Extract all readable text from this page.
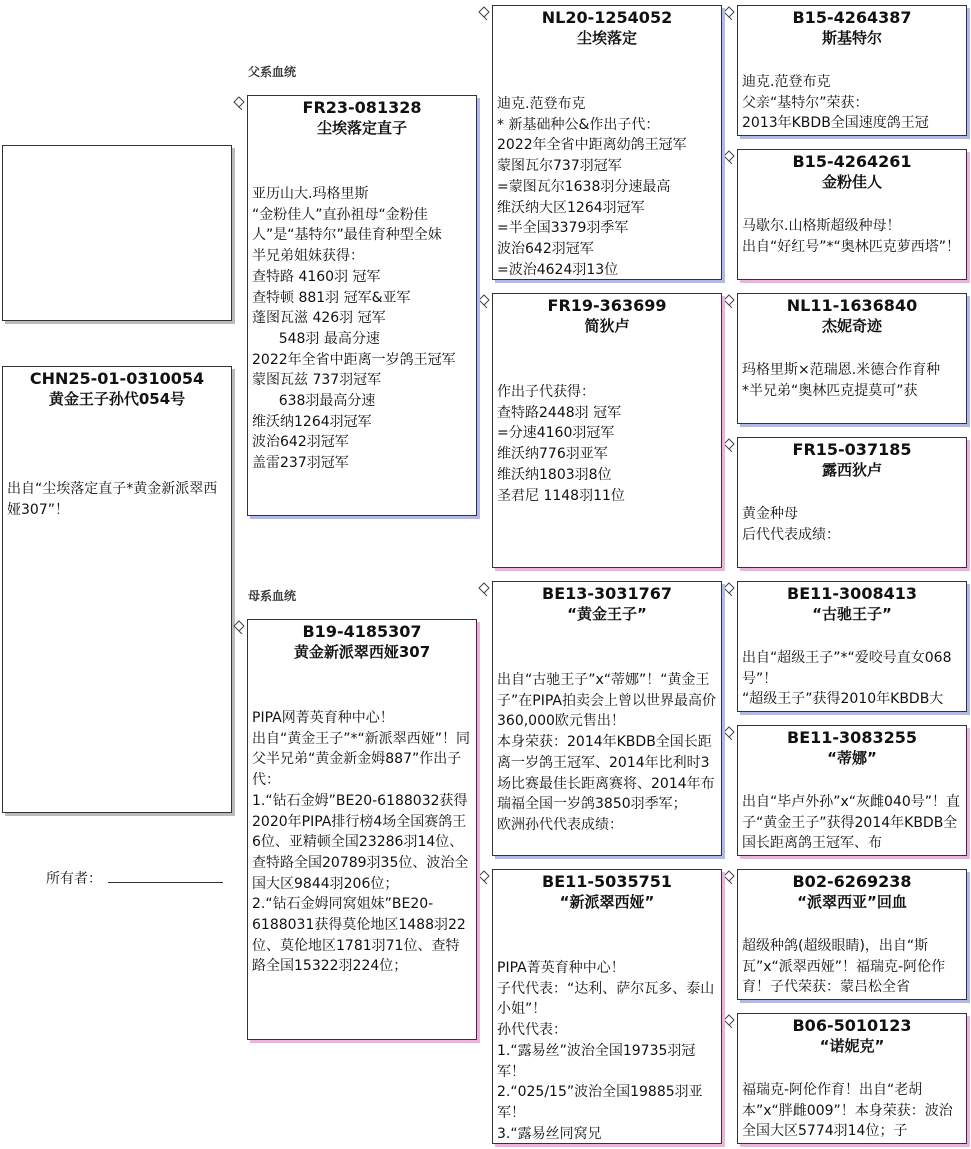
CHN25-01-0310054
黄金王子孙代054号
出自“尘埃落定直子*黄金新派翠西娅307”！
所有者：
父系血统
母系血统
FR23-081328
尘埃落定直子
亚历山大.玛格里斯
“金粉佳人”直孙祖母“金粉佳人”是“基特尔”最佳育种型全妹
半兄弟姐妹获得：
查特路 4160羽 冠军
查特顿 881羽 冠军&亚军
蓬图瓦滋 426羽 冠军
548羽 最高分速
2022年全省中距离一岁鸽王冠军
蒙图瓦兹 737羽冠军
638羽最高分速
维沃纳1264羽冠军
波治642羽冠军
盖雷237羽冠军
B19-4185307
黄金新派翠西娅307
PIPA网菁英育种中心！
出自“黄金王子”*“新派翠西娅”！同父半兄弟“黄金新金姆887”作出子代：
1.“钻石金姆”BE20-6188032获得2020年PIPA排行榜4场全国赛鸽王6位、亚精顿全国23286羽14位、查特路全国20789羽35位、波治全国大区9844羽206位；
2.“钻石金姆同窝姐妹”BE20-6188031获得莫伦地区1488羽22位、莫伦地区1781羽71位、查特路全国15322羽224位；
NL20-1254052
尘埃落定
迪克.范登布克
* 新基础种公&作出子代：
2022年全省中距离幼鸽王冠军
蒙图瓦尔737羽冠军
=蒙图瓦尔1638羽分速最高
维沃纳大区1264羽冠军
=半全国3379羽季军
波治642羽冠军
=波治4624羽13位
FR19-363699
简狄卢
作出子代获得：
查特路2448羽 冠军
=分速4160羽冠军
维沃纳776羽亚军
维沃纳1803羽8位
圣君尼 1148羽11位
BE13-3031767
“黄金王子”
出自“古驰王子”x“蒂娜”！“黄金王子”在PIPA拍卖会上曾以世界最高价360,000欧元售出！
本身荣获：2014年KBDB全国长距离一岁鸽王冠军、2014年比利时3场比赛最佳长距离赛将、2014年布瑞福全国一岁鸽3850羽季军；
欧洲孙代代表成绩：
BE11-5035751
“新派翠西娅”
PIPA菁英育种中心！
子代代表：“达利、萨尔瓦多、泰山小姐”！
孙代代表：
1.“露易丝”波治全国19735羽冠军！
2.“025/15”波治全国19885羽亚军！
3.“露易丝同窝兄
B15-4264387
斯基特尔
迪克.范登布克
父亲“基特尔”荣获：
2013年KBDB全国速度鸽王冠
B15-4264261
金粉佳人
马歇尔.山格斯超级种母！
出自“好红号”*“奥林匹克萝西塔”！
NL11-1636840
杰妮奇迹
玛格里斯×范瑞恩.米德合作育种
*半兄弟“奥林匹克提莫可”获
FR15-037185
露西狄卢
黄金种母
后代代表成绩：
BE11-3008413
“古驰王子”
出自“超级王子”*“爱咬号直女068号”！
“超级王子”获得2010年KBDB大
BE11-3083255
“蒂娜”
出自“毕卢外孙”x“灰雌040号”！直子“黄金王子”获得2014年KBDB全国长距离鸽王冠军、布
B02-6269238
“派翠西亚”回血
超级种鸽(超级眼睛)，出自“斯瓦”x“派翠西娅”！福瑞克-阿伦作育！子代荣获：蒙吕松全省
B06-5010123
“诺妮克”
福瑞克-阿伦作育！出自“老胡本”x“胖雌009”！本身荣获：波治全国大区5774羽14位；子
